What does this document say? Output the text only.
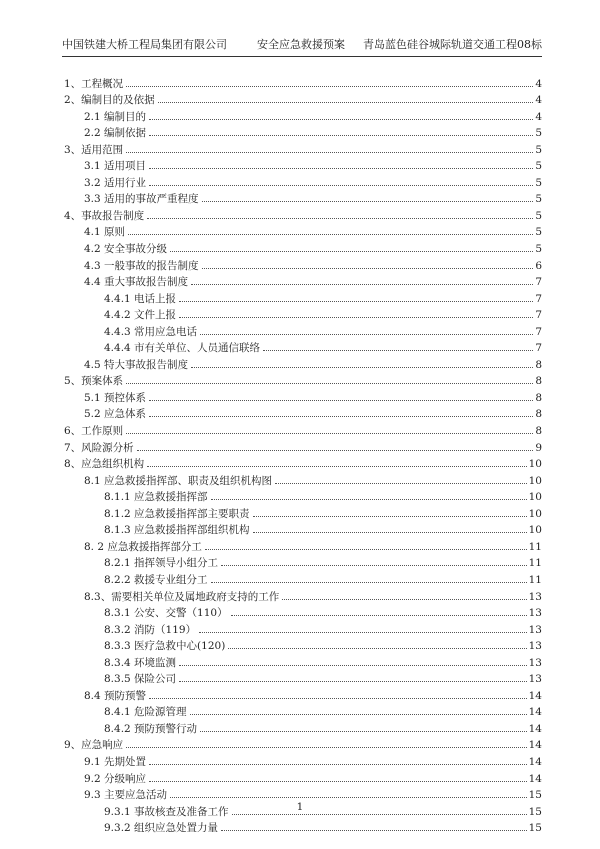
中国铁建大桥工程局集团有限公司	安全应急救援预案 青岛蓝色硅谷城际轨道交通工程08标
1、工程概况	4
2、编制目的及依据	4
2.1 编制目的	4
2.2 编制依据	5
3、适用范围	5
3.1 适用项目	5
3.2 适用行业	5
3.3 适用的事故严重程度	5
4、事故报告制度	5
4.1 原则	5
4.2 安全事故分级	5
4.3 一般事故的报告制度	6
4.4 重大事故报告制度	7
4.4.1 电话上报	7
4.4.2 文件上报	7
4.4.3 常用应急电话	7
4.4.4 市有关单位、人员通信联络	7
4.5 特大事故报告制度	8
5、预案体系	8
5.1 预控体系	8
5.2 应急体系	8
6、工作原则	8
7、风险源分析	9
8、应急组织机构	10
8.1 应急救援指挥部、职责及组织机构图	10
8.1.1 应急救援指挥部	10
8.1.2 应急救援指挥部主要职责	10
8.1.3 应急救援指挥部组织机构	10
8. 2 应急救援指挥部分工	11
8.2.1 指挥领导小组分工	11
8.2.2 救援专业组分工	11
8.3、需要相关单位及属地政府支持的工作	13
8.3.1 公安、交警（110）	13
8.3.2 消防（119）	13
8.3.3 医疗急救中心(120)	13
8.3.4 环境监测	13
8.3.5 保险公司	13
8.4 预防预警	14
8.4.1 危险源管理	14
8.4.2 预防预警行动	14
9、应急响应	14
9.1 先期处置	14
9.2 分级响应	14
9.3 主要应急活动	15
9.3.1 事故核查及准备工作	15
9.3.2 组织应急处置力量	15
1
